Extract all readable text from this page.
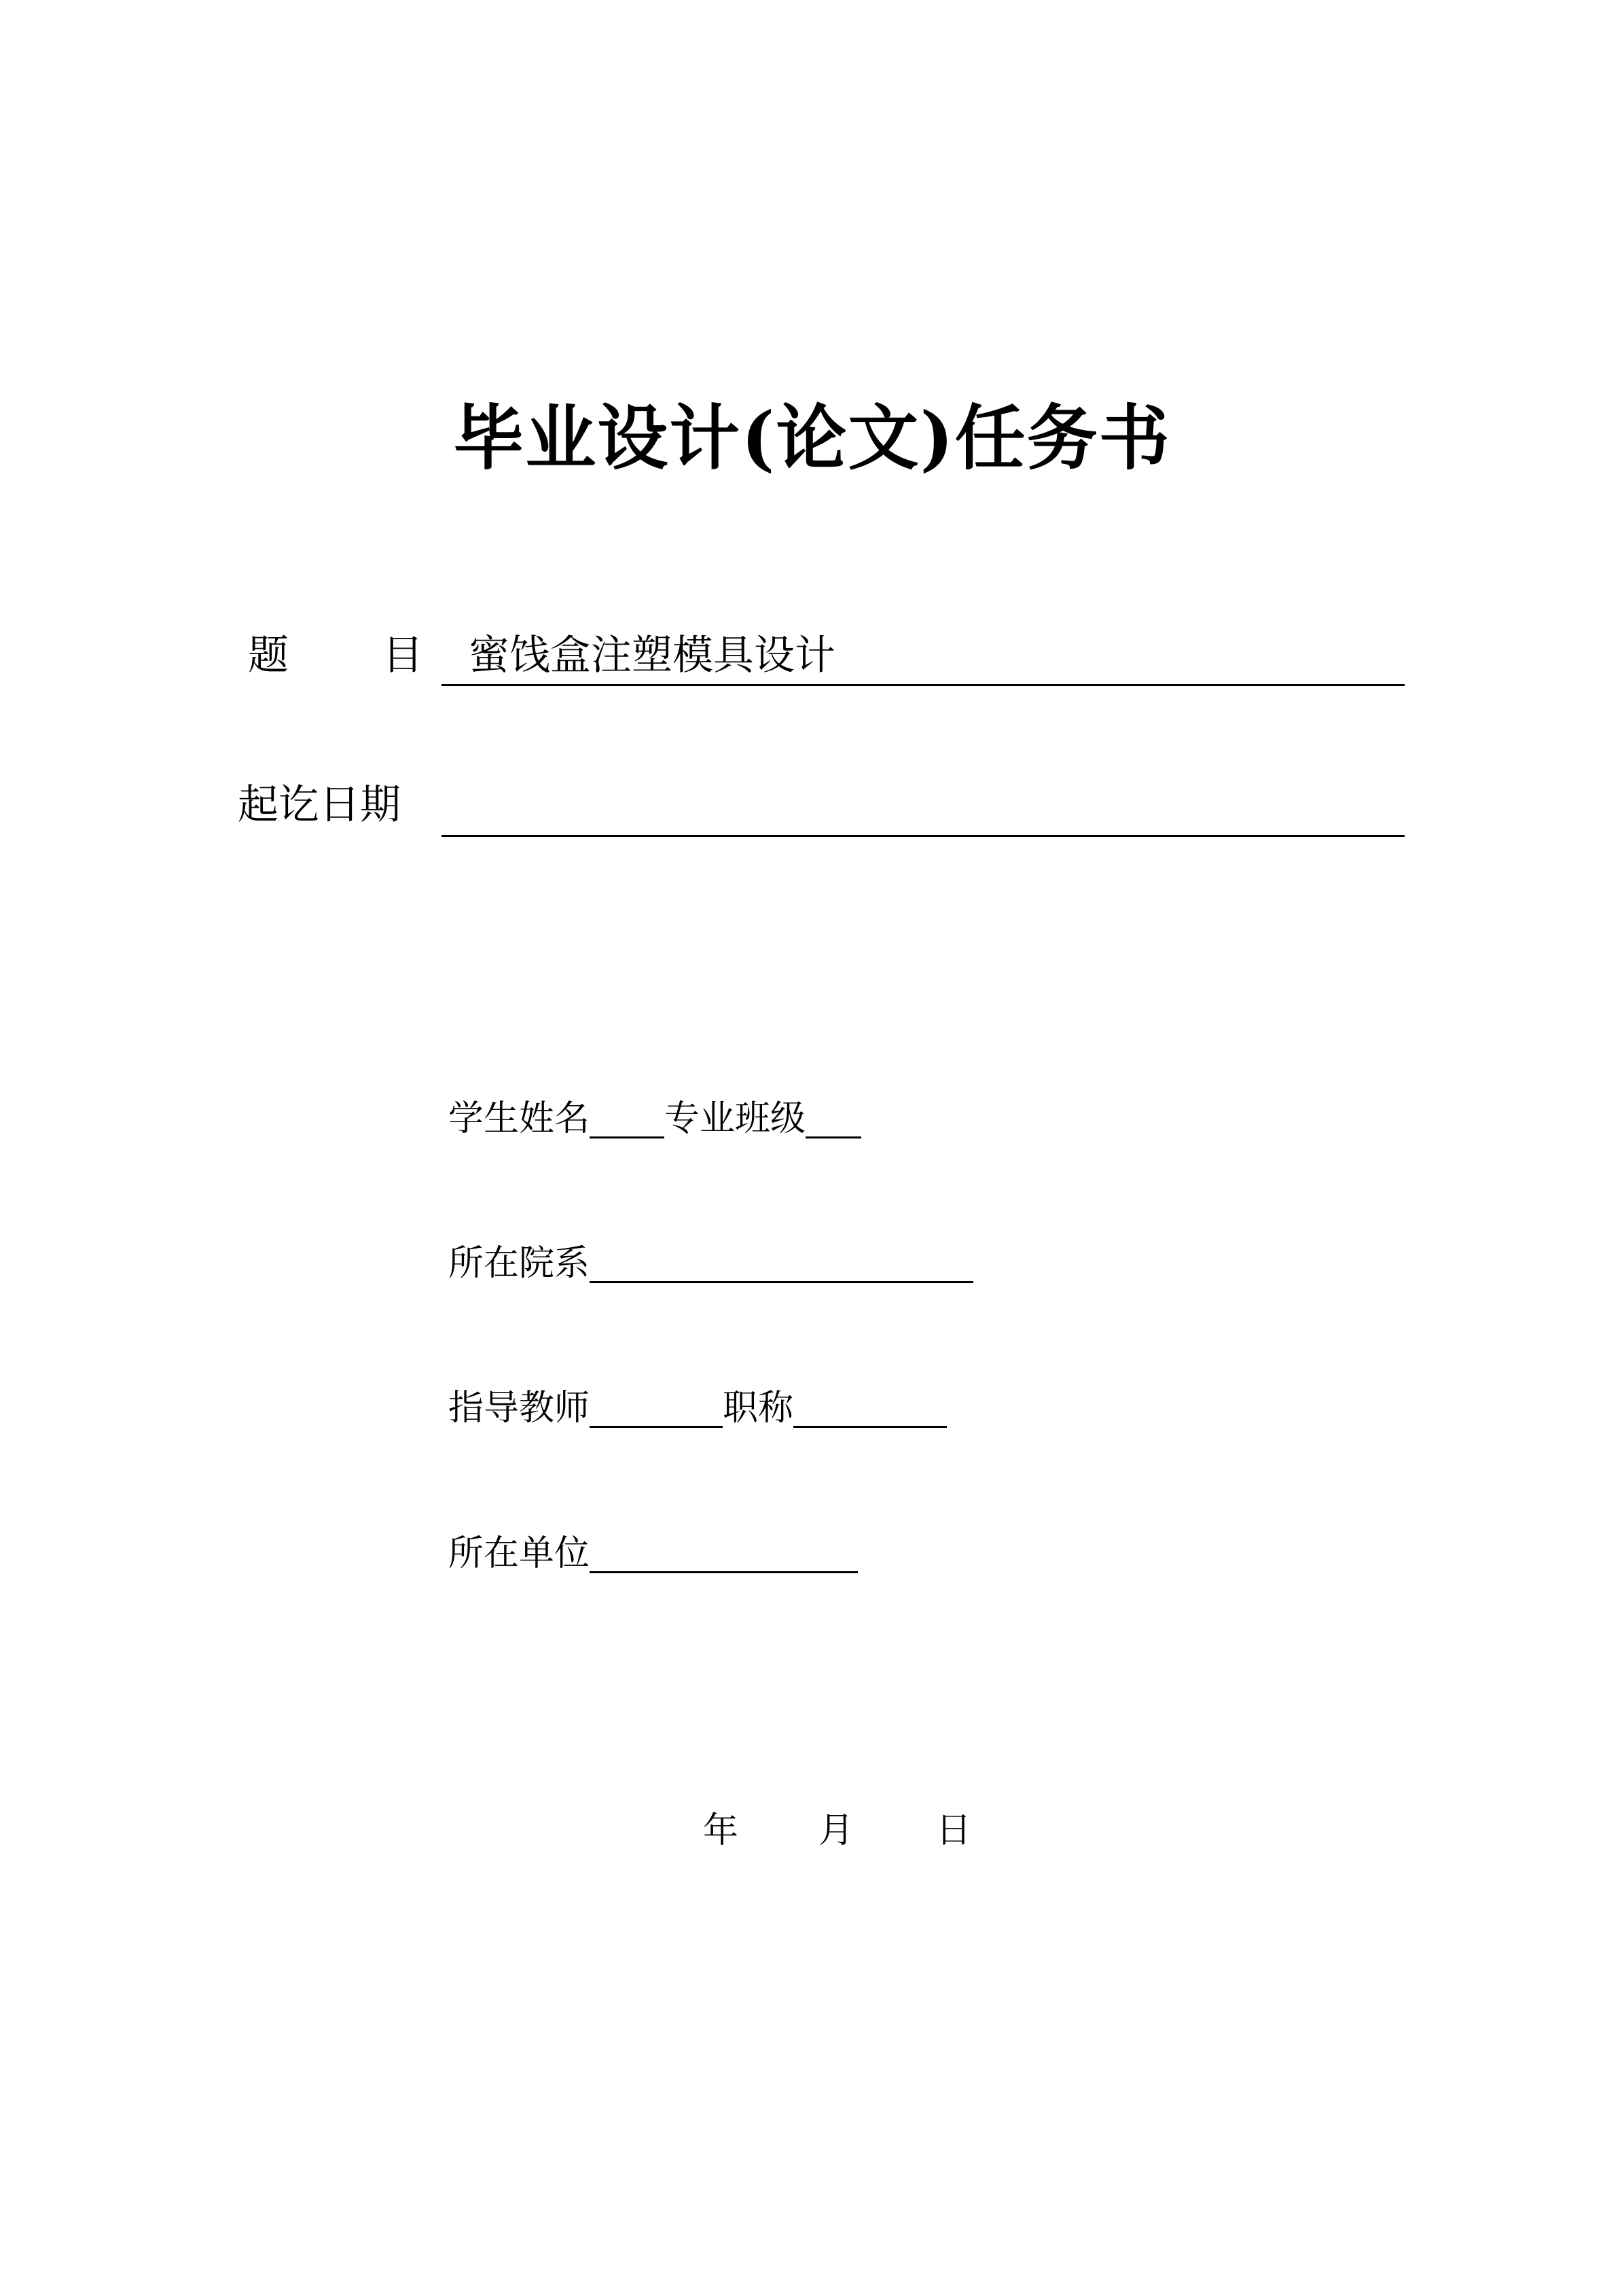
毕业设计(论文)任务书
题 目 蜜饯盒注塑模具设计
起讫日期
学生姓名 专业班级
所在院系
指导教师	职称
所在单位
年 月 日
